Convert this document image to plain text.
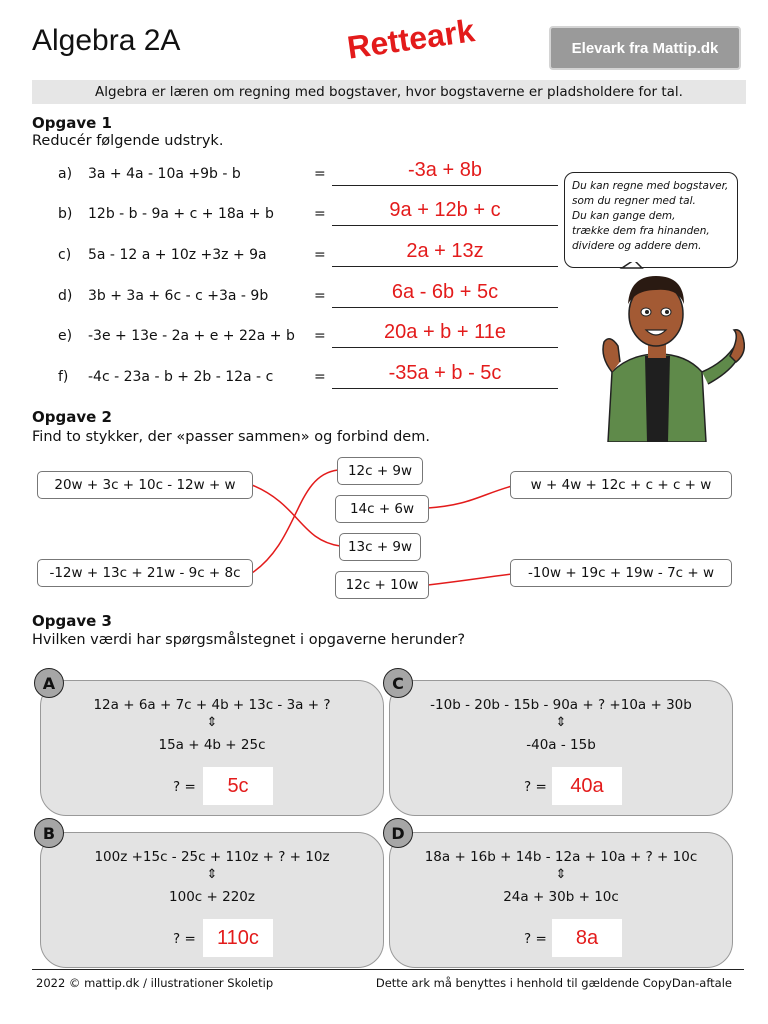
Algebra 2A	Retteark	Elevark fra Mattip.dk
Algebra er læren om regning med bogstaver, hvor bogstaverne er pladsholdere for tal.
Opgave 1
Reducér følgende udstryk.
a) 3a + 4a - 10a +9b - b	=	-3a + 8b
b) 12b - b - 9a + c + 18a + b	=	9a + 12b + c
c) 5a - 12 a + 10z +3z + 9a	=	2a + 13z
d) 3b + 3a + 6c - c +3a - 9b	=	6a - 6b + 5c
e) -3e + 13e - 2a + e + 22a + b =	20a + b + 11e
f) -4c - 23a - b + 2b - 12a - c	=	-35a + b - 5c
Du kan regne med bogstaver,
som du regner med tal.
Du kan gange dem,
trække dem fra hinanden,
dividere og addere dem.
Opgave 2
Find to stykker, der «passer sammen» og forbind dem.
20w + 3c + 10c - 12w + w
-12w + 13c + 21w - 9c + 8c
12c + 9w
14c + 6w
13c + 9w
12c + 10w
w + 4w + 12c + c + c + w
-10w + 19c + 19w - 7c + w
Opgave 3
Hvilken værdi har spørgsmålstegnet i opgaverne herunder?
12a + 6a + 7c + 4b + 13c - 3a + ?
⇕
15a + 4b + 25c
? =	5c
A
-10b - 20b - 15b - 90a + ? +10a + 30b
⇕
-40a - 15b
? =	40a
C
100z +15c - 25c + 110z + ? + 10z
⇕
100c + 220z
? =	110c
B
18a + 16b + 14b - 12a + 10a + ? + 10c
⇕
24a + 30b + 10c
? =	8a
D
2022 © mattip.dk / illustrationer Skoletip	Dette ark må benyttes i henhold til gældende CopyDan-aftale
